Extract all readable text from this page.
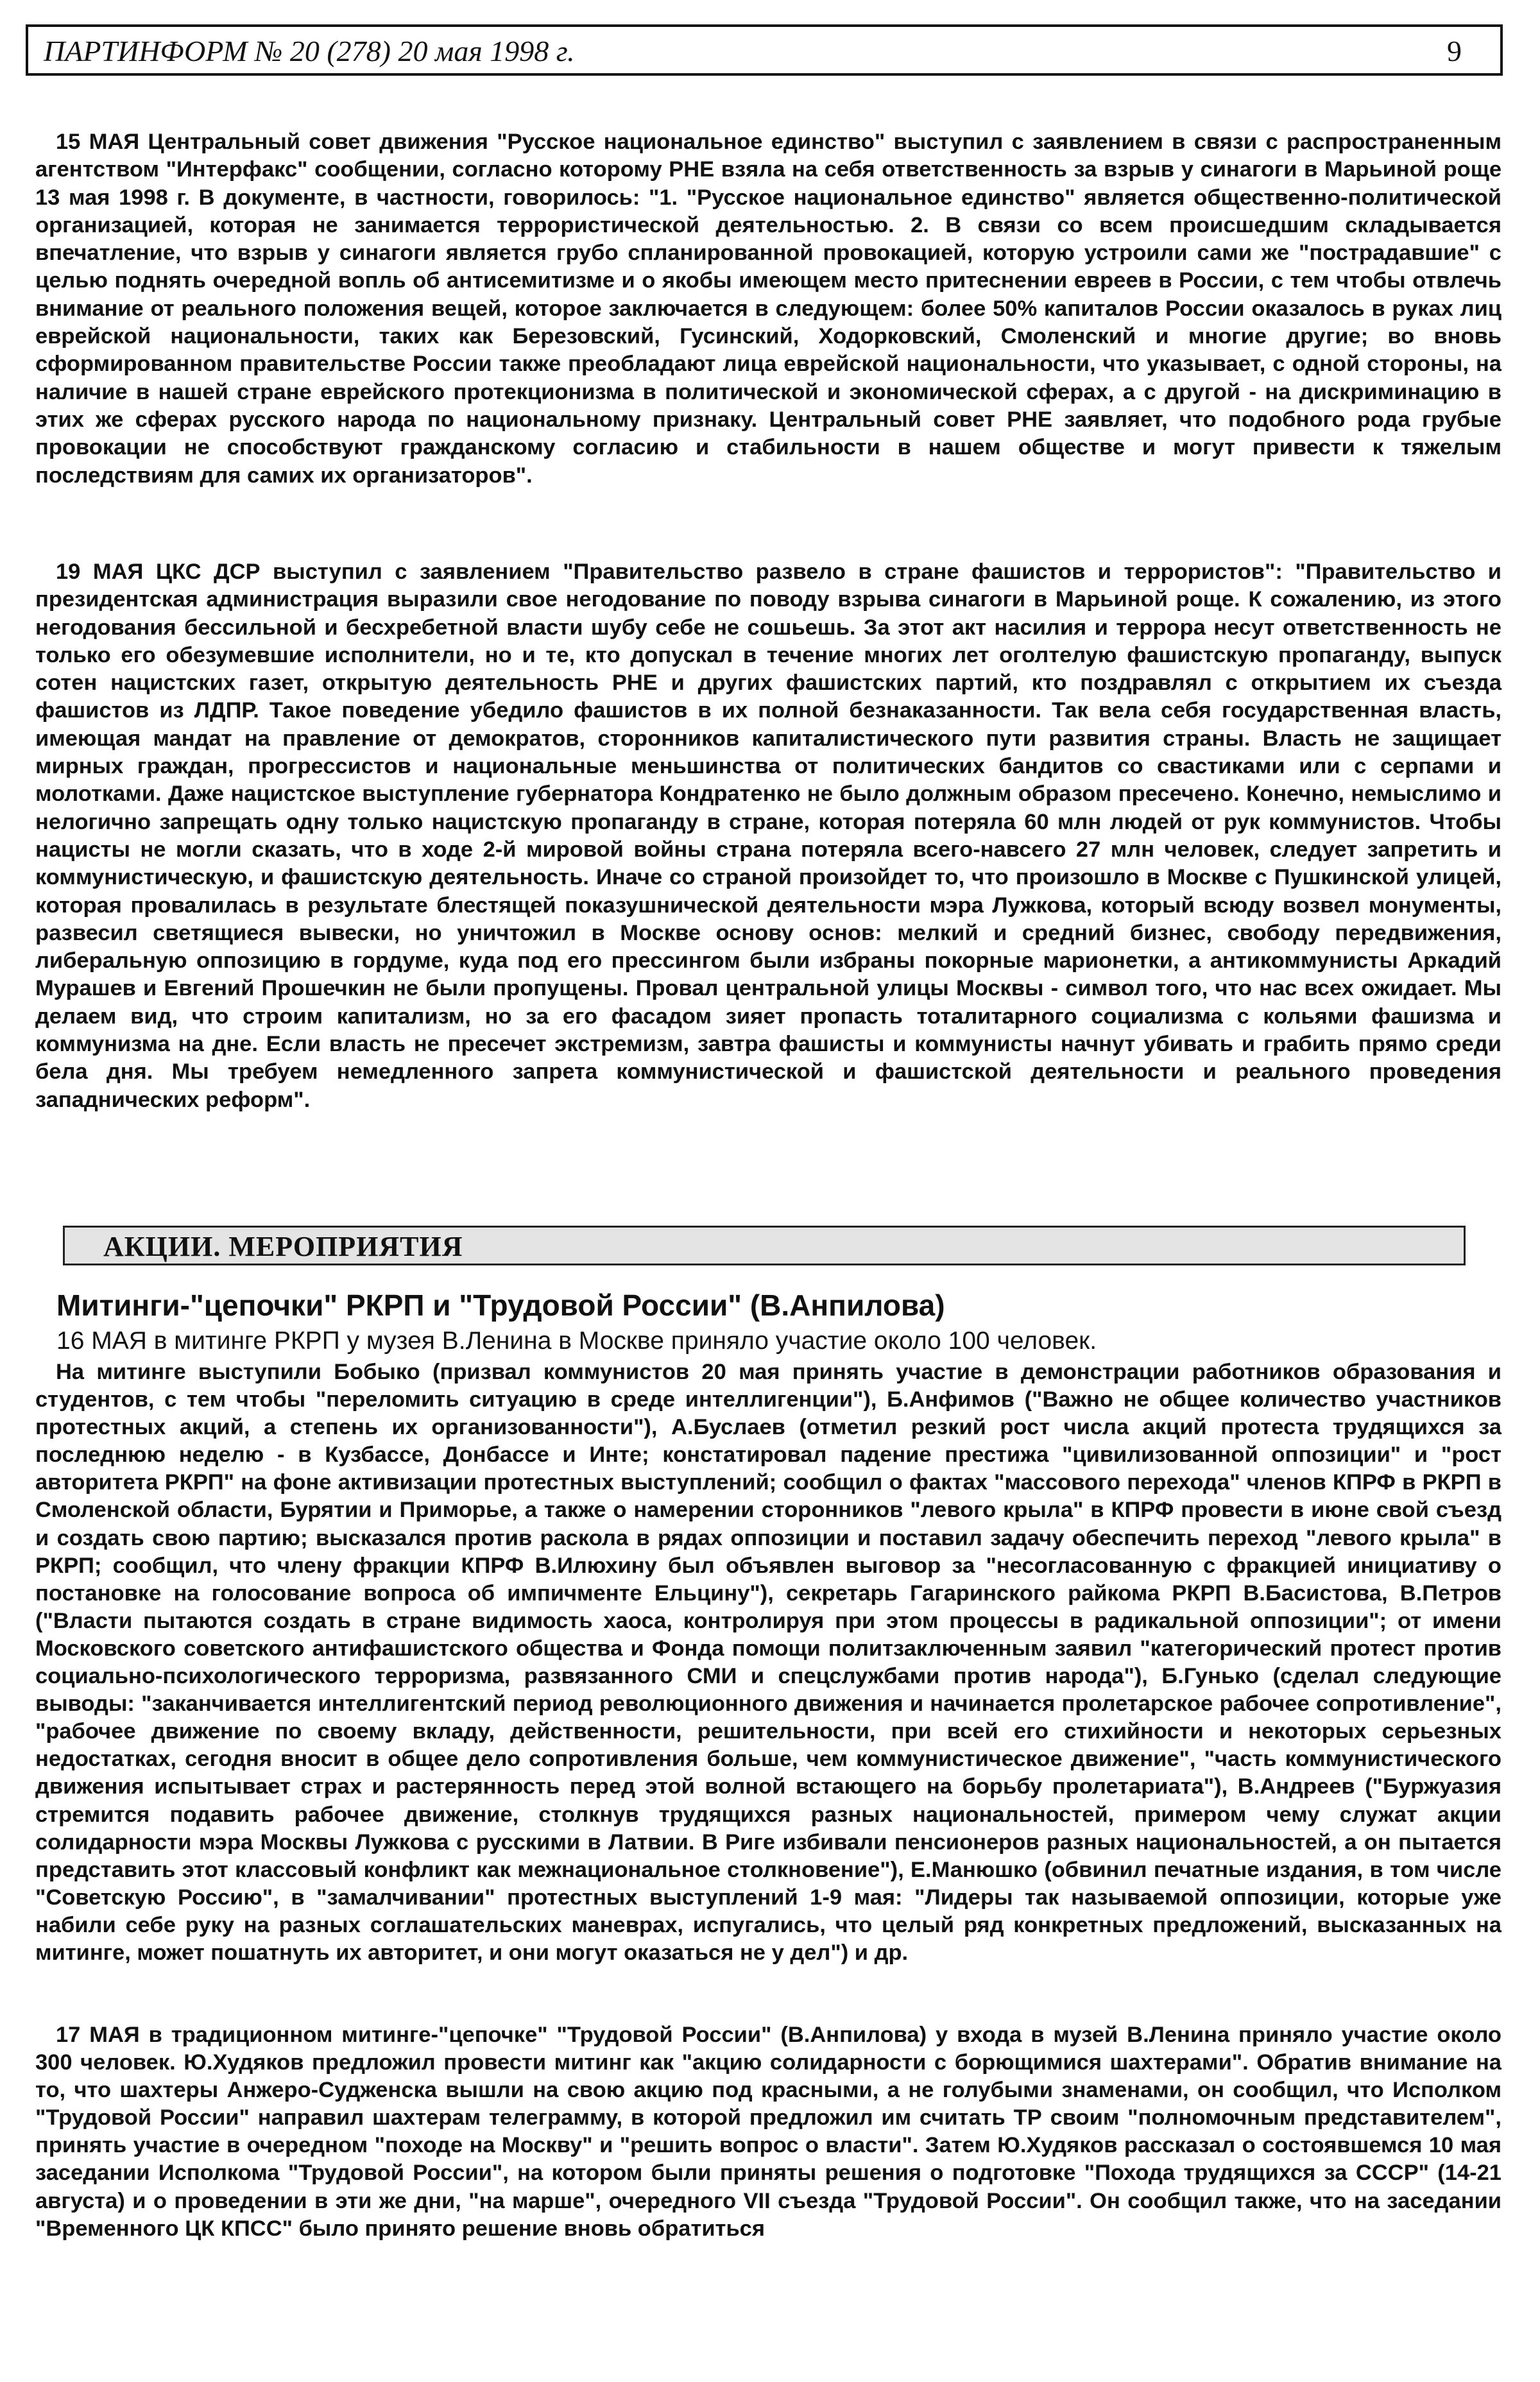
ПАРТИНФОРМ № 20 (278) 20 мая 1998 г.	9

15 МАЯ Центральный совет движения "Русское национальное единство" выступил с заявлением в связи с распространенным агентством "Интерфакс" сообщении, согласно которому РНЕ взяла на себя ответственность за взрыв у синагоги в Марьиной роще 13 мая 1998 г. В документе, в частности, говорилось: "1. "Русское национальное единство" является общественно-политической организацией, которая не занимается террористической деятельностью. 2. В связи со всем происшедшим складывается впечатление, что взрыв у синагоги является грубо спланированной провокацией, которую устроили сами же "пострадавшие" с целью поднять очередной вопль об антисемитизме и о якобы имеющем место притеснении евреев в России, с тем чтобы отвлечь внимание от реального положения вещей, которое заключается в следующем: более 50% капиталов России оказалось в руках лиц еврейской национальности, таких как Березовский, Гусинский, Ходорковский, Смоленский и многие другие; во вновь сформированном правительстве России также преобладают лица еврейской национальности, что указывает, с одной стороны, на наличие в нашей стране еврейского протекционизма в политической и экономической сферах, а с другой - на дискриминацию в этих же сферах русского народа по национальному признаку. Центральный совет РНЕ заявляет, что подобного рода грубые провокации не способствуют гражданскому согласию и стабильности в нашем обществе и могут привести к тяжелым последствиям для самих их организаторов".

19 МАЯ ЦКС ДСР выступил с заявлением "Правительство развело в стране фашистов и террористов": "Правительство и президентская администрация выразили свое негодование по поводу взрыва синагоги в Марьиной роще. К сожалению, из этого негодования бессильной и бесхребетной власти шубу себе не сошьешь. За этот акт насилия и террора несут ответственность не только его обезумевшие исполнители, но и те, кто допускал в течение многих лет оголтелую фашистскую пропаганду, выпуск сотен нацистских газет, открытую деятельность РНЕ и других фашистских партий, кто поздравлял с открытием их съезда фашистов из ЛДПР. Такое поведение убедило фашистов в их полной безнаказанности. Так вела себя государственная власть, имеющая мандат на правление от демократов, сторонников капиталистического пути развития страны. Власть не защищает мирных граждан, прогрессистов и национальные меньшинства от политических бандитов со свастиками или с серпами и молотками. Даже нацистское выступление губернатора Кондратенко не было должным образом пресечено. Конечно, немыслимо и нелогично запрещать одну только нацистскую пропаганду в стране, которая потеряла 60 млн людей от рук коммунистов. Чтобы нацисты не могли сказать, что в ходе 2-й мировой войны страна потеряла всего-навсего 27 млн человек, следует запретить и коммунистическую, и фашистскую деятельность. Иначе со страной произойдет то, что произошло в Москве с Пушкинской улицей, которая провалилась в результате блестящей показушнической деятельности мэра Лужкова, который всюду возвел монументы, развесил светящиеся вывески, но уничтожил в Москве основу основ: мелкий и средний бизнес, свободу передвижения, либеральную оппозицию в гордуме, куда под его прессингом были избраны покорные марионетки, а антикоммунисты Аркадий Мурашев и Евгений Прошечкин не были пропущены. Провал центральной улицы Москвы - символ того, что нас всех ожидает. Мы делаем вид, что строим капитализм, но за его фасадом зияет пропасть тоталитарного социализма с кольями фашизма и коммунизма на дне. Если власть не пресечет экстремизм, завтра фашисты и коммунисты начнут убивать и грабить прямо среди бела дня. Мы требуем немедленного запрета коммунистической и фашистской деятельности и реального проведения западнических реформ".

АКЦИИ. МЕРОПРИЯТИЯ
Митинги-"цепочки" РКРП и "Трудовой России" (В.Анпилова)

16 МАЯ в митинге РКРП у музея В.Ленина в Москве приняло участие около 100 человек.

На митинге выступили Бобыко (призвал коммунистов 20 мая принять участие в демонстрации работников образования и студентов, с тем чтобы "переломить ситуацию в среде интеллигенции"), Б.Анфимов ("Важно не общее количество участников протестных акций, а степень их организованности"), А.Буслаев (отметил резкий рост числа акций протеста трудящихся за последнюю неделю - в Кузбассе, Донбассе и Инте; констатировал падение престижа "цивилизованной оппозиции" и "рост авторитета РКРП" на фоне активизации протестных выступлений; сообщил о фактах "массового перехода" членов КПРФ в РКРП в Смоленской области, Бурятии и Приморье, а также о намерении сторонников "левого крыла" в КПРФ провести в июне свой съезд и создать свою партию; высказался против раскола в рядах оппозиции и поставил задачу обеспечить переход "левого крыла" в РКРП; сообщил, что члену фракции КПРФ В.Илюхину был объявлен выговор за "несогласованную с фракцией инициативу о постановке на голосование вопроса об импичменте Ельцину"), секретарь Гагаринского райкома РКРП В.Басистова, В.Петров ("Власти пытаются создать в стране видимость хаоса, контролируя при этом процессы в радикальной оппозиции"; от имени Московского советского антифашистского общества и Фонда помощи политзаключенным заявил "категорический протест против социально-психологического терроризма, развязанного СМИ и спецслужбами против народа"), Б.Гунько (сделал следующие выводы: "заканчивается интеллигентский период революционного движения и начинается пролетарское рабочее сопротивление", "рабочее движение по своему вкладу, действенности, решительности, при всей его стихийности и некоторых серьезных недостатках, сегодня вносит в общее дело сопротивления больше, чем коммунистическое движение", "часть коммунистического движения испытывает страх и растерянность перед этой волной встающего на борьбу пролетариата"), В.Андреев ("Буржуазия стремится подавить рабочее движение, столкнув трудящихся разных национальностей, примером чему служат акции солидарности мэра Москвы Лужкова с русскими в Латвии. В Риге избивали пенсионеров разных национальностей, а он пытается представить этот классовый конфликт как межнациональное столкновение"), Е.Манюшко (обвинил печатные издания, в том числе "Советскую Россию", в "замалчивании" протестных выступлений 1-9 мая: "Лидеры так называемой оппозиции, которые уже набили себе руку на разных соглашательских маневрах, испугались, что целый ряд конкретных предложений, высказанных на митинге, может пошатнуть их авторитет, и они могут оказаться не у дел") и др.

17 МАЯ в традиционном митинге-"цепочке" "Трудовой России" (В.Анпилова) у входа в музей В.Ленина приняло участие около 300 человек. Ю.Худяков предложил провести митинг как "акцию солидарности с борющимися шахтерами". Обратив внимание на то, что шахтеры Анжеро-Судженска вышли на свою акцию под красными, а не голубыми знаменами, он сообщил, что Исполком "Трудовой России" направил шахтерам телеграмму, в которой предложил им считать ТР своим "полномочным представителем", принять участие в очередном "походе на Москву" и "решить вопрос о власти". Затем Ю.Худяков рассказал о состоявшемся 10 мая заседании Исполкома "Трудовой России", на котором были приняты решения о подготовке "Похода трудящихся за СССР" (14-21 августа) и о проведении в эти же дни, "на марше", очередного VII съезда "Трудовой России". Он сообщил также, что на заседании "Временного ЦК КПСС" было принято решение вновь обратиться
